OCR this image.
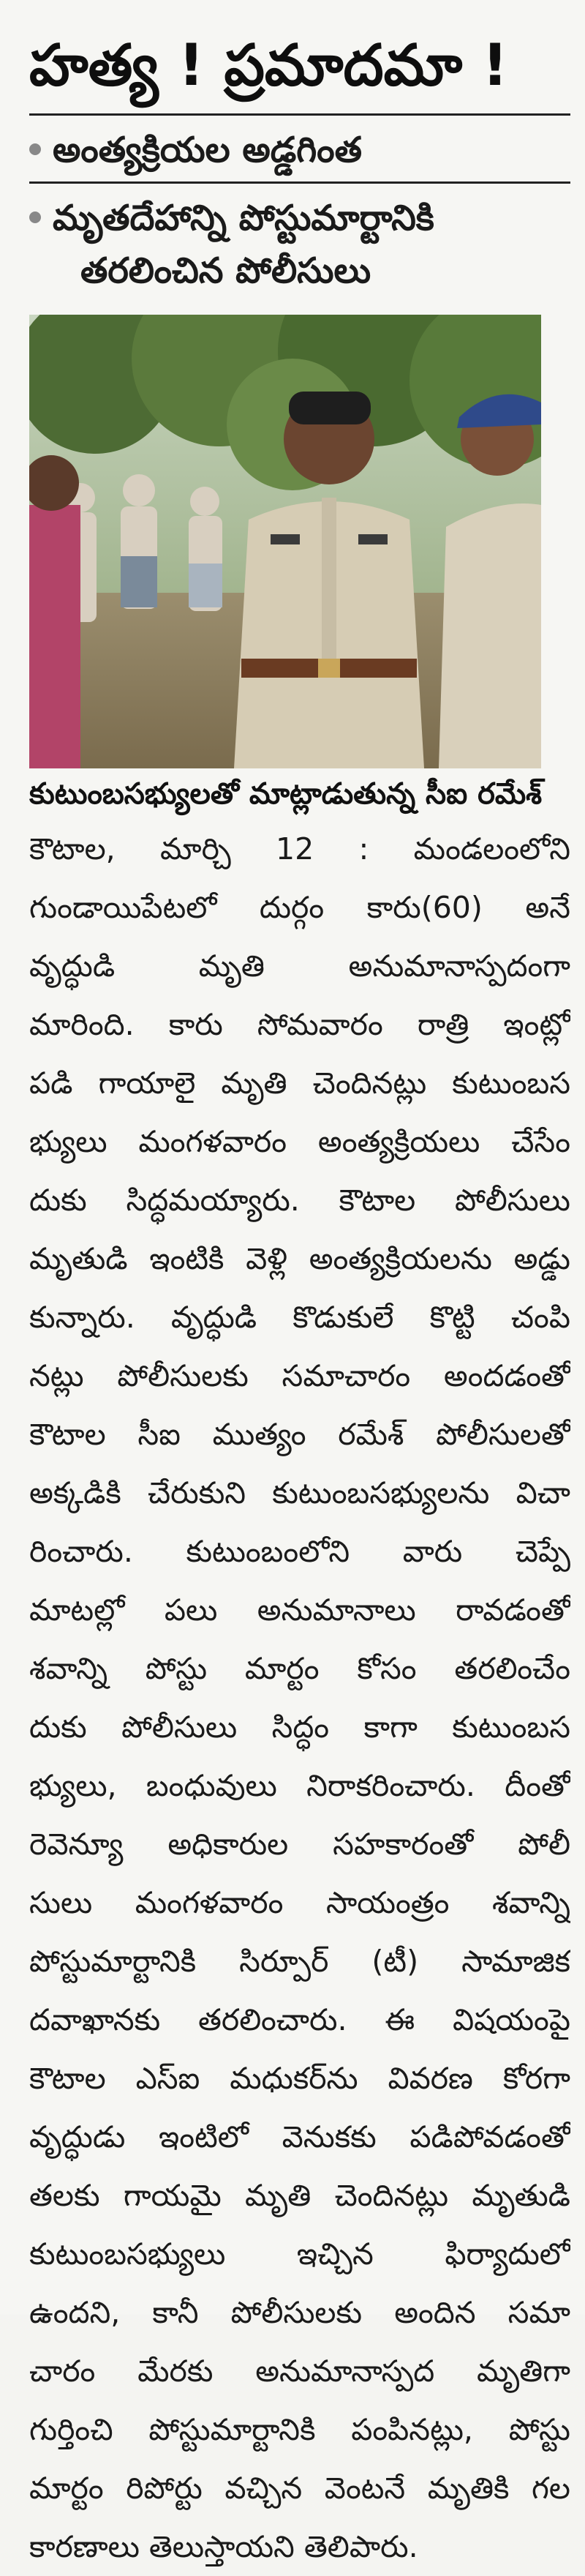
హత్య ! ప్రమాదమా !
అంత్యక్రియల అడ్డగింత
మృతదేహాన్ని పోస్టుమార్టానికి
తరలించిన పోలీసులు
కుటుంబసభ్యులతో మాట్లాడుతున్న సీఐ రమేశ్

కౌటాల, మార్చి 12 : మండలంలోని

గుండాయిపేటలో దుర్గం కారు(60) అనే

వృద్ధుడి మృతి అనుమానాస్పదంగా

మారింది. కారు సోమవారం రాత్రి ఇంట్లో

పడి గాయాలై మృతి చెందినట్లు కుటుంబస

భ్యులు మంగళవారం అంత్యక్రియలు చేసేం

దుకు సిద్ధమయ్యారు. కౌటాల పోలీసులు

మృతుడి ఇంటికి వెళ్లి అంత్యక్రియలను అడ్డు

కున్నారు. వృద్ధుడి కొడుకులే కొట్టి చంపి

నట్లు పోలీసులకు సమాచారం అందడంతో

కౌటాల సీఐ ముత్యం రమేశ్ పోలీసులతో

అక్కడికి చేరుకుని కుటుంబసభ్యులను విచా

రించారు. కుటుంబంలోని వారు చెప్పే

మాటల్లో పలు అనుమానాలు రావడంతో

శవాన్ని పోస్టు మార్టం కోసం తరలించేం

దుకు పోలీసులు సిద్ధం కాగా కుటుంబస

భ్యులు, బంధువులు నిరాకరించారు. దీంతో

రెవెన్యూ అధికారుల సహకారంతో పోలీ

సులు మంగళవారం సాయంత్రం శవాన్ని

పోస్టుమార్టానికి సిర్పూర్ (టీ) సామాజిక

దవాఖానకు తరలించారు. ఈ విషయంపై

కౌటాల ఎస్ఐ మధుకర్‌ను వివరణ కోరగా

వృద్ధుడు ఇంటిలో వెనుకకు పడిపోవడంతో

తలకు గాయమై మృతి చెందినట్లు మృతుడి

కుటుంబసభ్యులు ఇచ్చిన ఫిర్యాదులో

ఉందని, కానీ పోలీసులకు అందిన సమా

చారం మేరకు అనుమానాస్పద మృతిగా

గుర్తించి పోస్టుమార్టానికి పంపినట్లు, పోస్టు

మార్టం రిపోర్టు వచ్చిన వెంటనే మృతికి గల

కారణాలు తెలుస్తాయని తెలిపారు.
